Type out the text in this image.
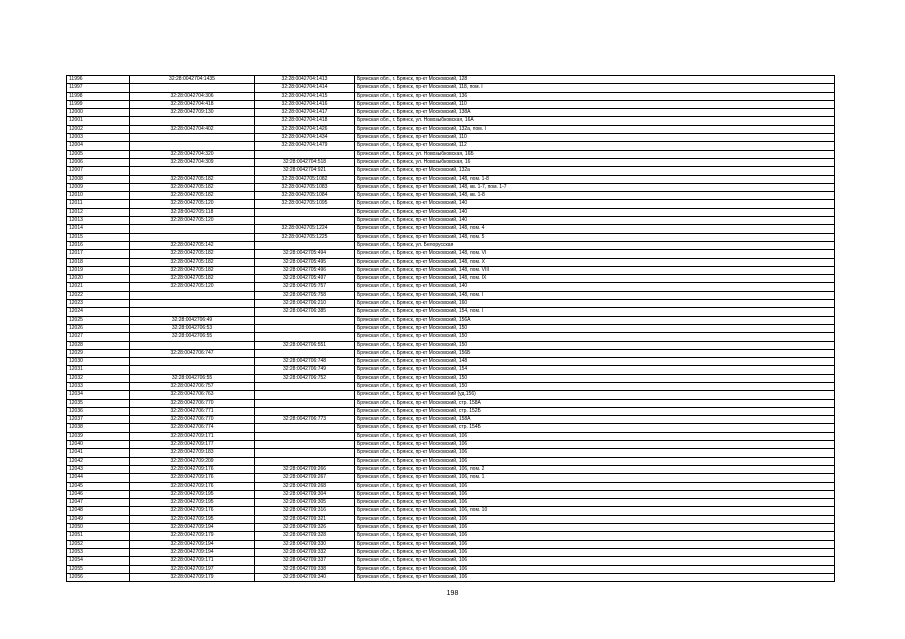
11996	32:28:0042704:1435	32:28:0042704:1413	Брянская обл., г. Брянск, пр-кт Московский, 128
11997		32:28:0042704:1414	Брянская обл., г. Брянск, пр-кт Московский, 118, пом. I
11998	32:28:0042704:306	32:28:0042704:1415	Брянская обл., г. Брянск, пр-кт Московский, 136
11999	32:28:0042704:418	32:28:0042704:1416	Брянская обл., г. Брянск, пр-кт Московский, 110
12000	32:28:0042709:130	32:28:0042704:1417	Брянская обл., г. Брянск, пр-кт Московский, 138А
12001		32:28:0042704:1418	Брянская обл., г. Брянск, ул. Новозыбковская, 16А
12002	32:28:0042704:402	32:28:0042704:1426	Брянская обл., г. Брянск, пр-кт Московский, 132а, пом. I
12003		32:28:0042704:1434	Брянская обл., г. Брянск, пр-кт Московский, 110
12004		32:28:0042704:1479	Брянская обл., г. Брянск, пр-кт Московский, 112
12005	32:28:0042704:320		Брянская обл., г. Брянск, ул. Новозыбковская, 16Б
12006	32:28:0042704:309	32:28:0042704:518	Брянская обл., г. Брянск, ул. Новозыбковская, 16
12007		32:28:0042704:921	Брянская обл., г. Брянск, пр-кт Московский, 132а
12008	32:28:0042705:182	32:28:0042705:1082	Брянская обл., г. Брянск, пр-кт Московский, 148, пом. 1-8
12009	32:28:0042705:182	32:28:0042705:1083	Брянская обл., г. Брянск, пр-кт Московский, 148, кв. 1-7, пом. 1-7
12010	32:28:0042705:182	32:28:0042705:1084	Брянская обл., г. Брянск, пр-кт Московский, 148, кв. 1-8
12011	32:28:0042705:120	32:28:0042705:1095	Брянская обл., г. Брянск, пр-кт Московский, 140
12012	32:28:0042705:118		Брянская обл., г. Брянск, пр-кт Московский, 140
12013	32:28:0042705:120		Брянская обл., г. Брянск, пр-кт Московский, 140
12014		32:28:0042705:1224	Брянская обл., г. Брянск, пр-кт Московский, 148, пом. 4
12015		32:28:0042705:1225	Брянская обл., г. Брянск, пр-кт Московский, 148, пом. 5
12016	32:28:0042705:142		Брянская обл., г. Брянск, ул. Белорусская
12017	32:28:0042705:182	32:28:0042705:494	Брянская обл., г. Брянск, пр-кт Московский, 148, пом. VI
12018	32:28:0042705:182	32:28:0042705:495	Брянская обл., г. Брянск, пр-кт Московский, 148, пом. X
12019	32:28:0042705:182	32:28:0042705:496	Брянская обл., г. Брянск, пр-кт Московский, 148, пом. VIII
12020	32:28:0042705:182	32:28:0042705:497	Брянская обл., г. Брянск, пр-кт Московский, 148, пом. IX
12021	32:28:0042705:120	32:28:0042705:757	Брянская обл., г. Брянск, пр-кт Московский, 140
12022		32:28:0042705:758	Брянская обл., г. Брянск, пр-кт Московский, 148, пом. I
12023		32:28:0042706:210	Брянская обл., г. Брянск, пр-кт Московский, 160
12024		32:28:0042706:385	Брянская обл., г. Брянск, пр-кт Московский, 154, пом. I
12025	32:28:0042706:49		Брянская обл., г. Брянск, пр-кт Московский, 156А
12026	32:28:0042706:53		Брянская обл., г. Брянск, пр-кт Московский, 150
12027	32:28:0042706:55		Брянская обл., г. Брянск, пр-кт Московский, 150
12028		32:28:0042706:551	Брянская обл., г. Брянск, пр-кт Московский, 150
12029	32:28:0042706:747		Брянская обл., г. Брянск, пр-кт Московский, 156Б
12030		32:28:0042706:748	Брянская обл., г. Брянск, пр-кт Московский, 148
12031		32:28:0042706:749	Брянская обл., г. Брянск, пр-кт Московский, 154
12032	32:28:0042706:55	32:28:0042706:752	Брянская обл., г. Брянск, пр-кт Московский, 150
12033	32:28:0042706:757		Брянская обл., г. Брянск, пр-кт Московский, 150
12034	32:28:0042706:763		Брянская обл., г. Брянск, пр-кт Московский (уд.156)
12035	32:28:0042706:770		Брянская обл., г. Брянск, пр-кт Московский, стр. 158А
12036	32:28:0042706:771		Брянская обл., г. Брянск, пр-кт Московский, стр. 152Б
12037	32:28:0042706:770	32:28:0042706:773	Брянская обл., г. Брянск, пр-кт Московский, 158А
12038	32:28:0042706:774		Брянская обл., г. Брянск, пр-кт Московский, стр. 154Б
12039	32:28:0042709:171		Брянская обл., г. Брянск, пр-кт Московский, 106
12040	32:28:0042709:177		Брянская обл., г. Брянск, пр-кт Московский, 106
12041	32:28:0042709:183		Брянская обл., г. Брянск, пр-кт Московский, 106
12042	32:28:0042709:209		Брянская обл., г. Брянск, пр-кт Московский, 106
12043	32:28:0042709:176	32:28:0042709:266	Брянская обл., г. Брянск, пр-кт Московский, 106, пом. 2
12044	32:28:0042709:176	32:28:0042709:267	Брянская обл., г. Брянск, пр-кт Московский, 106, пом. 1
12045	32:28:0042709:176	32:28:0042709:268	Брянская обл., г. Брянск, пр-кт Московский, 106
12046	32:28:0042709:195	32:28:0042709:304	Брянская обл., г. Брянск, пр-кт Московский, 106
12047	32:28:0042709:195	32:28:0042709:305	Брянская обл., г. Брянск, пр-кт Московский, 106
12048	32:28:0042709:176	32:28:0042709:316	Брянская обл., г. Брянск, пр-кт Московский, 106, пом. 10
12049	32:28:0042709:195	32:28:0042709:321	Брянская обл., г. Брянск, пр-кт Московский, 106
12050	32:28:0042709:194	32:28:0042709:326	Брянская обл., г. Брянск, пр-кт Московский, 106
12051	32:28:0042709:179	32:28:0042709:328	Брянская обл., г. Брянск, пр-кт Московский, 106
12052	32:28:0042709:194	32:28:0042709:330	Брянская обл., г. Брянск, пр-кт Московский, 106
12053	32:28:0042709:194	32:28:0042709:332	Брянская обл., г. Брянск, пр-кт Московский, 106
12054	32:28:0042709:171	32:28:0042709:337	Брянская обл., г. Брянск, пр-кт Московский, 106
12055	32:28:0042709:197	32:28:0042709:338	Брянская обл., г. Брянск, пр-кт Московский, 106
12056	32:28:0042709:179	32:28:0042709:340	Брянская обл., г. Брянск, пр-кт Московский, 106
198
